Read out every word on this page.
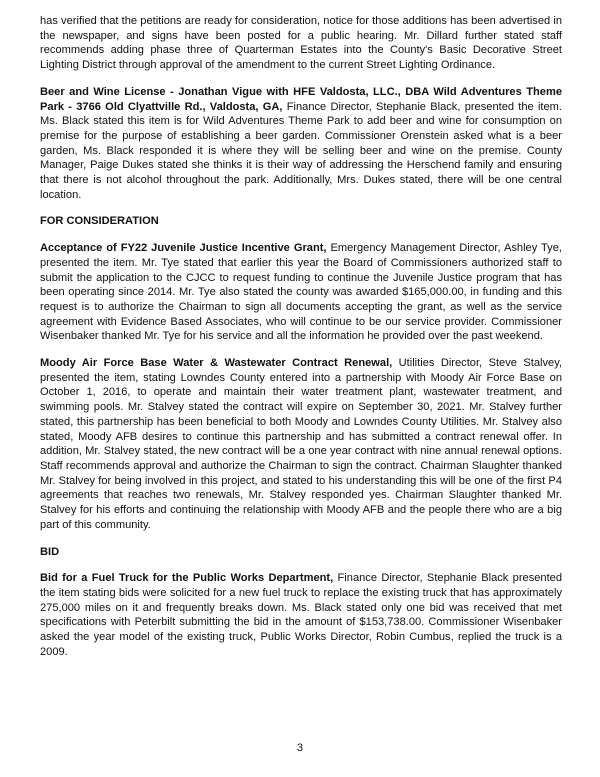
has verified that the petitions are ready for consideration, notice for those additions has been advertised in the newspaper, and signs have been posted for a public hearing. Mr. Dillard further stated staff recommends adding phase three of Quarterman Estates into the County's Basic Decorative Street Lighting District through approval of the amendment to the current Street Lighting Ordinance.

Beer and Wine License - Jonathan Vigue with HFE Valdosta, LLC., DBA Wild Adventures Theme Park - 3766 Old Clyattville Rd., Valdosta, GA, Finance Director, Stephanie Black, presented the item. Ms. Black stated this item is for Wild Adventures Theme Park to add beer and wine for consumption on premise for the purpose of establishing a beer garden. Commissioner Orenstein asked what is a beer garden, Ms. Black responded it is where they will be selling beer and wine on the premise. County Manager, Paige Dukes stated she thinks it is their way of addressing the Herschend family and ensuring that there is not alcohol throughout the park. Additionally, Mrs. Dukes stated, there will be one central location.

FOR CONSIDERATION

Acceptance of FY22 Juvenile Justice Incentive Grant, Emergency Management Director, Ashley Tye, presented the item. Mr. Tye stated that earlier this year the Board of Commissioners authorized staff to submit the application to the CJCC to request funding to continue the Juvenile Justice program that has been operating since 2014. Mr. Tye also stated the county was awarded $165,000.00, in funding and this request is to authorize the Chairman to sign all documents accepting the grant, as well as the service agreement with Evidence Based Associates, who will continue to be our service provider. Commissioner Wisenbaker thanked Mr. Tye for his service and all the information he provided over the past weekend.

Moody Air Force Base Water & Wastewater Contract Renewal, Utilities Director, Steve Stalvey, presented the item, stating Lowndes County entered into a partnership with Moody Air Force Base on October 1, 2016, to operate and maintain their water treatment plant, wastewater treatment, and swimming pools. Mr. Stalvey stated the contract will expire on September 30, 2021. Mr. Stalvey further stated, this partnership has been beneficial to both Moody and Lowndes County Utilities. Mr. Stalvey also stated, Moody AFB desires to continue this partnership and has submitted a contract renewal offer. In addition, Mr. Stalvey stated, the new contract will be a one year contract with nine annual renewal options. Staff recommends approval and authorize the Chairman to sign the contract. Chairman Slaughter thanked Mr. Stalvey for being involved in this project, and stated to his understanding this will be one of the first P4 agreements that reaches two renewals, Mr. Stalvey responded yes. Chairman Slaughter thanked Mr. Stalvey for his efforts and continuing the relationship with Moody AFB and the people there who are a big part of this community.

BID

Bid for a Fuel Truck for the Public Works Department, Finance Director, Stephanie Black presented the item stating bids were solicited for a new fuel truck to replace the existing truck that has approximately 275,000 miles on it and frequently breaks down. Ms. Black stated only one bid was received that met specifications with Peterbilt submitting the bid in the amount of $153,738.00. Commissioner Wisenbaker asked the year model of the existing truck, Public Works Director, Robin Cumbus, replied the truck is a 2009.

3
